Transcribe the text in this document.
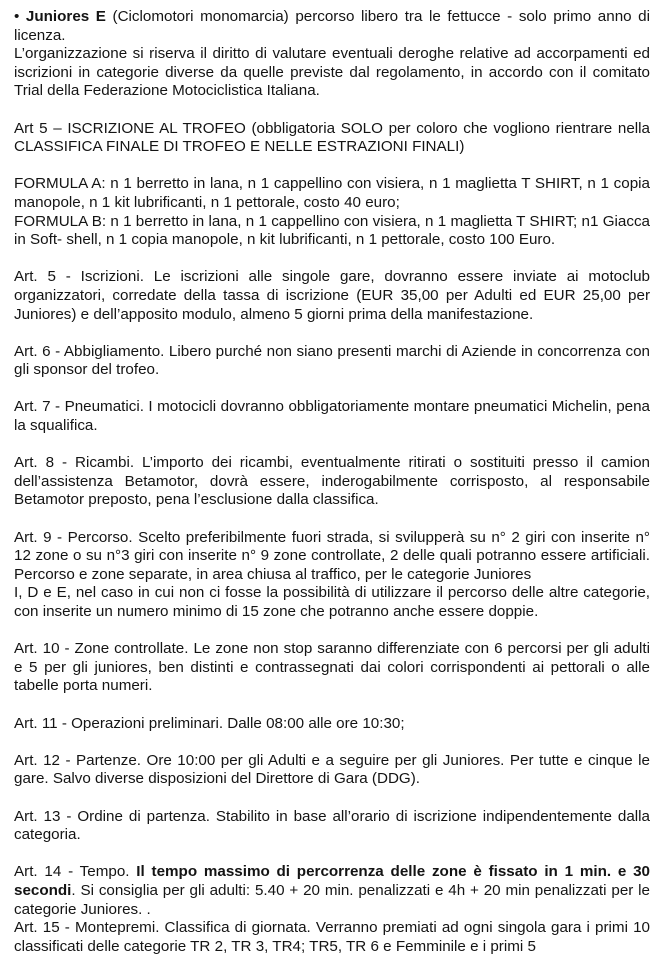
• Juniores E (Ciclomotori monomarcia) percorso libero tra le fettucce - solo primo anno di licenza.

L’organizzazione si riserva il diritto di valutare eventuali deroghe relative ad accorpamenti ed iscrizioni in categorie diverse da quelle previste dal regolamento, in accordo con il comitato Trial della Federazione Motociclistica Italiana.

Art 5 – ISCRIZIONE AL TROFEO (obbligatoria SOLO per coloro che vogliono rientrare nella CLASSIFICA FINALE DI TROFEO E NELLE ESTRAZIONI FINALI)

FORMULA A: n 1 berretto in lana, n 1 cappellino con visiera, n 1 maglietta T SHIRT, n 1 copia manopole, n 1 kit lubrificanti, n 1 pettorale, costo 40 euro;

FORMULA B: n 1 berretto in lana, n 1 cappellino con visiera, n 1 maglietta T SHIRT; n1 Giacca in Soft- shell, n 1 copia manopole, n kit lubrificanti, n 1 pettorale, costo 100 Euro.

Art. 5 - Iscrizioni. Le iscrizioni alle singole gare, dovranno essere inviate ai motoclub organizzatori, corredate della tassa di iscrizione (EUR 35,00 per Adulti ed EUR 25,00 per Juniores) e dell’apposito modulo, almeno 5 giorni prima della manifestazione.

Art. 6 - Abbigliamento. Libero purché non siano presenti marchi di Aziende in concorrenza con gli sponsor del trofeo.

Art. 7 - Pneumatici. I motocicli dovranno obbligatoriamente montare pneumatici Michelin, pena la squalifica.

Art. 8 - Ricambi. L’importo dei ricambi, eventualmente ritirati o sostituiti presso il camion dell’assistenza Betamotor, dovrà essere, inderogabilmente corrisposto, al responsabile Betamotor preposto, pena l’esclusione dalla classifica.

Art. 9 - Percorso. Scelto preferibilmente fuori strada, si svilupperà su n° 2 giri con inserite n° 12 zone o su n°3 giri con inserite n° 9 zone controllate, 2 delle quali potranno essere artificiali. Percorso e zone separate, in area chiusa al traffico, per le categorie Juniores

I, D e E, nel caso in cui non ci fosse la possibilità di utilizzare il percorso delle altre categorie, con inserite un numero minimo di 15 zone che potranno anche essere doppie.

Art. 10 - Zone controllate. Le zone non stop saranno differenziate con 6 percorsi per gli adulti e 5 per gli juniores, ben distinti e contrassegnati dai colori corrispondenti ai pettorali o alle tabelle porta numeri.

Art. 11 - Operazioni preliminari. Dalle 08:00 alle ore 10:30;

Art. 12 - Partenze. Ore 10:00 per gli Adulti e a seguire per gli Juniores. Per tutte e cinque le gare. Salvo diverse disposizioni del Direttore di Gara (DDG).

Art. 13 - Ordine di partenza. Stabilito in base all’orario di iscrizione indipendentemente dalla categoria.

Art. 14 - Tempo. Il tempo massimo di percorrenza delle zone è fissato in 1 min. e 30 secondi. Si consiglia per gli adulti: 5.40 + 20 min. penalizzati e 4h + 20 min penalizzati per le categorie Juniores. .

Art. 15 - Montepremi. Classifica di giornata. Verranno premiati ad ogni singola gara i primi 10 classificati delle categorie TR 2, TR 3, TR4; TR5, TR 6 e Femminile e i primi 5
